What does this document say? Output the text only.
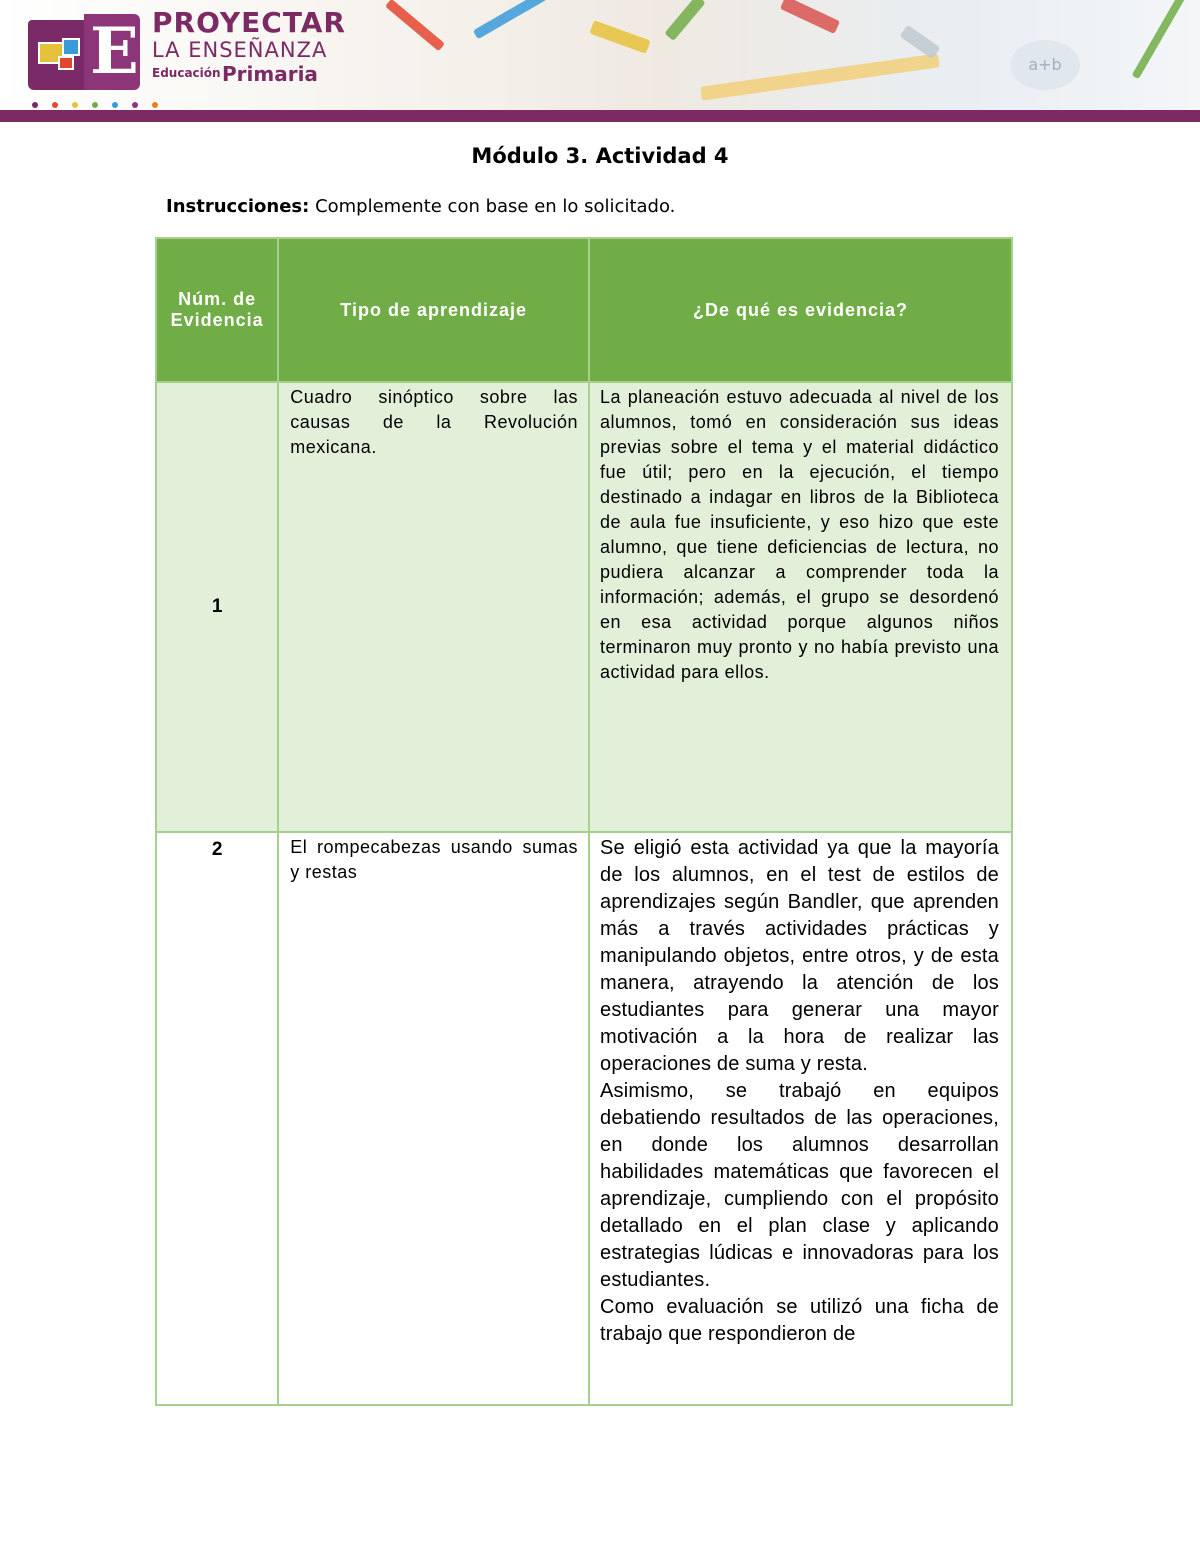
E PROYECTAR
LA ENSEÑANZA
Educación Primaria	a+b
Módulo 3. Actividad 4
Instrucciones: Complemente con base en lo solicitado.
Núm. de Evidencia	Tipo de aprendizaje	¿De qué es evidencia?
1	Cuadro sinóptico sobre las causas de la Revolución mexicana.	La planeación estuvo adecuada al nivel de los alumnos, tomó en consideración sus ideas previas sobre el tema y el material didáctico fue útil; pero en la ejecución, el tiempo destinado a indagar en libros de la Biblioteca de aula fue insuficiente, y eso hizo que este alumno, que tiene deficiencias de lectura, no pudiera alcanzar a comprender toda la información; además, el grupo se desordenó en esa actividad porque algunos niños terminaron muy pronto y no había previsto una actividad para ellos.

2	El rompecabezas usando sumas y restas	Se eligió esta actividad ya que la mayoría de los alumnos, en el test de estilos de aprendizajes según Bandler, que aprenden más a través actividades prácticas y manipulando objetos, entre otros, y de esta manera, atrayendo la atención de los estudiantes para generar una mayor motivación a la hora de realizar las operaciones de suma y resta.

Asimismo, se trabajó en equipos debatiendo resultados de las operaciones, en donde los alumnos desarrollan habilidades matemáticas que favorecen el aprendizaje, cumpliendo con el propósito detallado en el plan clase y aplicando estrategias lúdicas e innovadoras para los estudiantes.

Como evaluación se utilizó una ficha de trabajo que respondieron de
